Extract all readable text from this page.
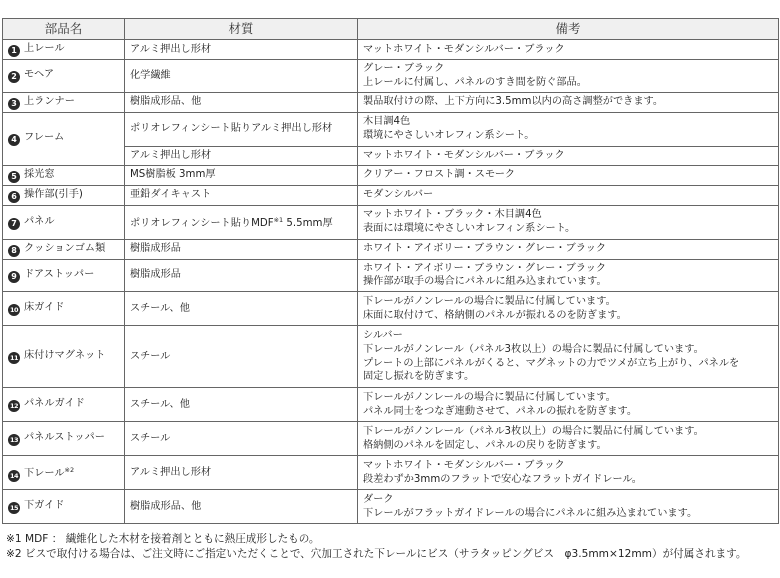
部品名	材質	備考
1 上レール	アルミ押出し形材	マットホワイト・モダンシルバー・ブラック

2 モヘア	化学繊維	グレー・ブラック
上レールに付属し、パネルのすき間を防ぐ部品。

3 上ランナー	樹脂成形品、他	製品取付けの際、上下方向に3.5mm以内の高さ調整ができます。

4 フレーム	ポリオレフィンシート貼りアルミ押出し形材	木目調4色
環境にやさしいオレフィン系シート。

	アルミ押出し形材	マットホワイト・モダンシルバー・ブラック

5 採光窓	MS樹脂板 3mm厚	クリアー・フロスト調・スモーク

6 操作部(引手)	亜鉛ダイキャスト	モダンシルバー

7 パネル	ポリオレフィンシート貼りMDF$^{※1}$ 5.5mm厚	マットホワイト・ブラック・木目調4色
表面には環境にやさしいオレフィン系シート。

8 クッションゴム類	樹脂成形品	ホワイト・アイボリー・ブラウン・グレー・ブラック

9 ドアストッパー	樹脂成形品	ホワイト・アイボリー・ブラウン・グレー・ブラック
操作部が取手の場合にパネルに組み込まれています。

10 床ガイド	スチール、他	下レールがノンレールの場合に製品に付属しています。
床面に取付けて、格納側のパネルが振れるのを防ぎます。

11 床付けマグネット	スチール	シルバー
下レールがノンレール（パネル3枚以上）の場合に製品に付属しています。
プレートの上部にパネルがくると、マグネットの力でツメが立ち上がり、パネルを
固定し振れを防ぎます。

12 パネルガイド	スチール、他	下レールがノンレールの場合に製品に付属しています。
パネル同士をつなぎ連動させて、パネルの振れを防ぎます。

13 パネルストッパー	スチール	下レールがノンレール（パネル3枚以上）の場合に製品に付属しています。
格納側のパネルを固定し、パネルの戻りを防ぎます。

14 下レール$^{※2}$	アルミ押出し形材	マットホワイト・モダンシルバー・ブラック
段差わずか3mmのフラットで安心なフラットガイドレール。

15 下ガイド	樹脂成形品、他	ダーク
下レールがフラットガイドレールの場合にパネルに組み込まれています。
※1 MDF ： 繊維化した木材を接着剤とともに熱圧成形したもの。
※2 ビスで取付ける場合は、ご注文時にご指定いただくことで、穴加工された下レールにビス（サラタッピングビス　φ3.5mm×12mm）が付属されます。
